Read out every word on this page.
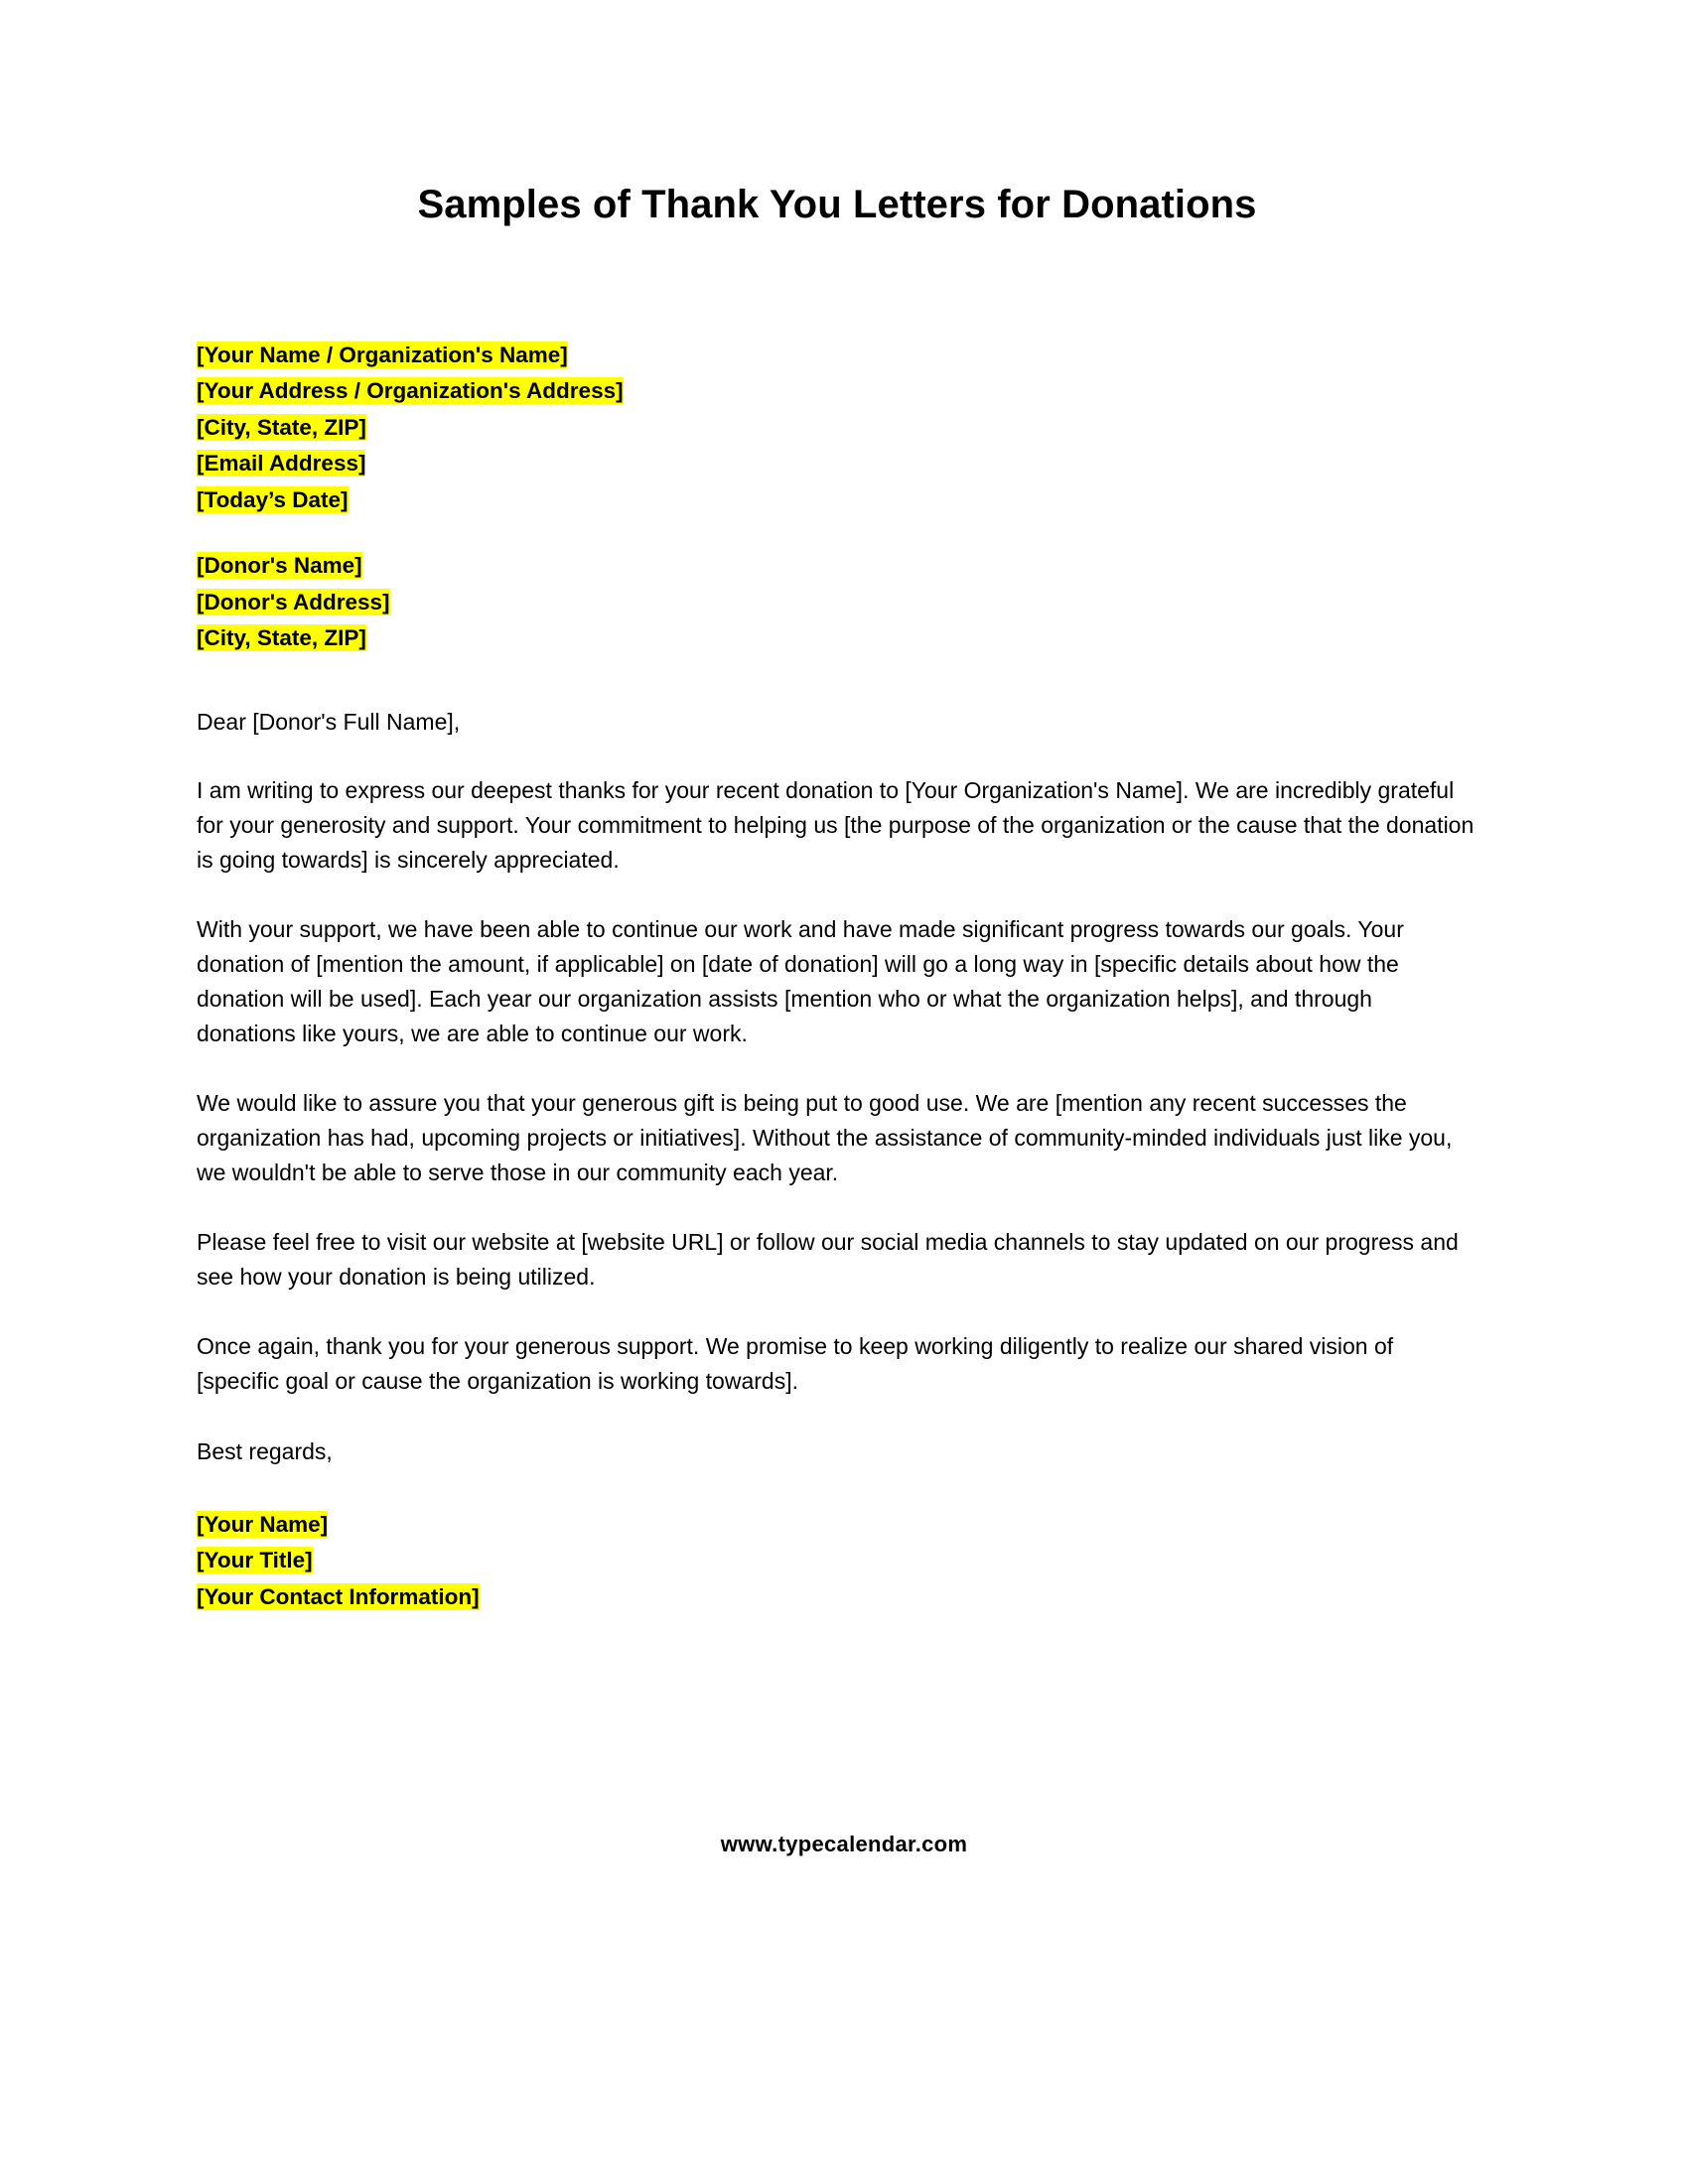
Samples of Thank You Letters for Donations
[Your Name / Organization's Name]
[Your Address / Organization's Address]
[City, State, ZIP]
[Email Address]
[Today’s Date]
[Donor's Name]
[Donor's Address]
[City, State, ZIP]

Dear [Donor's Full Name],

I am writing to express our deepest thanks for your recent donation to [Your Organization's Name]. We are incredibly grateful for your generosity and support. Your commitment to helping us [the purpose of the organization or the cause that the donation is going towards] is sincerely appreciated.

With your support, we have been able to continue our work and have made significant progress towards our goals. Your donation of [mention the amount, if applicable] on [date of donation] will go a long way in [specific details about how the donation will be used]. Each year our organization assists [mention who or what the organization helps], and through donations like yours, we are able to continue our work.

We would like to assure you that your generous gift is being put to good use. We are [mention any recent successes the organization has had, upcoming projects or initiatives]. Without the assistance of community-minded individuals just like you, we wouldn't be able to serve those in our community each year.

Please feel free to visit our website at [website URL] or follow our social media channels to stay updated on our progress and see how your donation is being utilized.

Once again, thank you for your generous support. We promise to keep working diligently to realize our shared vision of [specific goal or cause the organization is working towards].

Best regards,

[Your Name]
[Your Title]
[Your Contact Information]
www.typecalendar.com
